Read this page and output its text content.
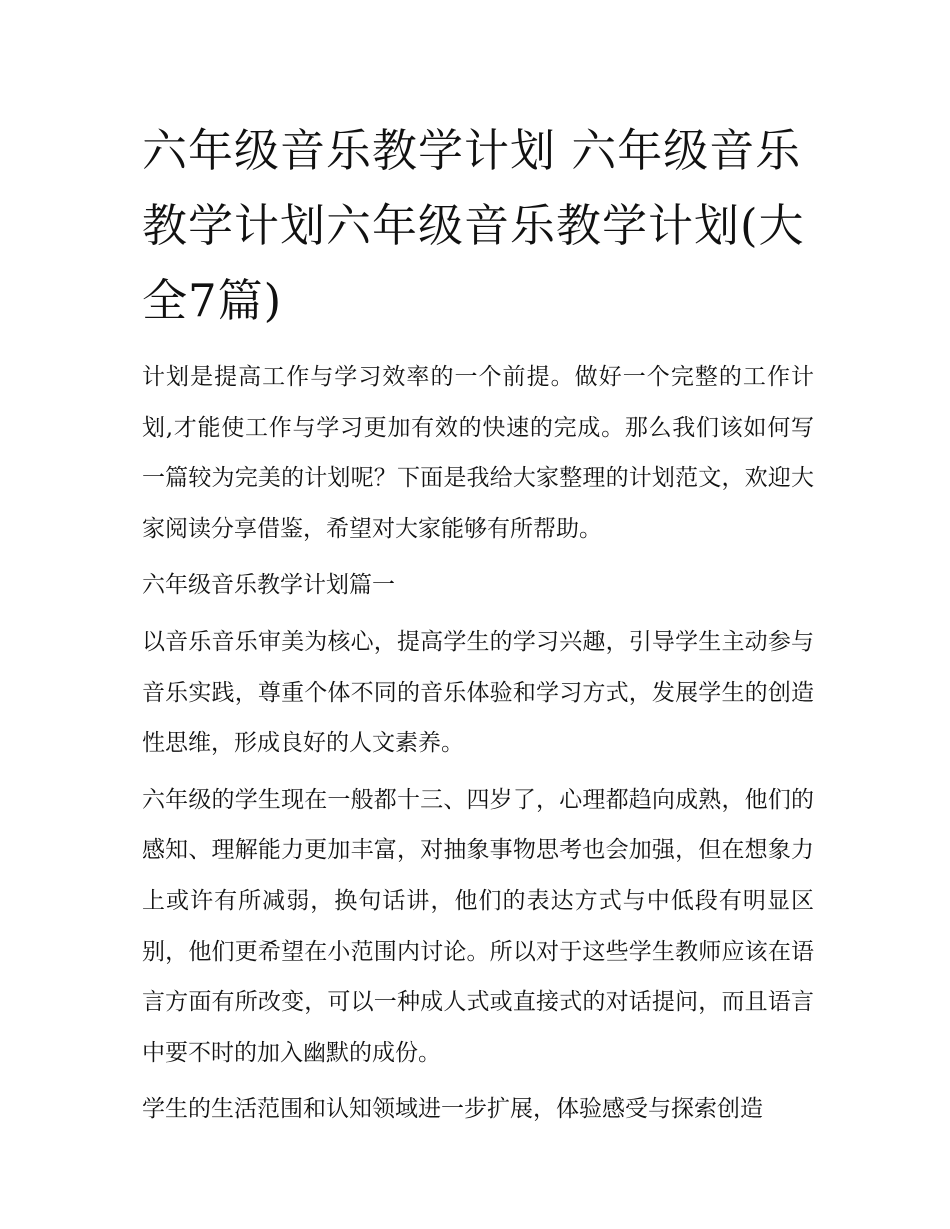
六年级音乐教学计划 六年级音乐教学计划六年级音乐教学计划(大全7篇)

计划是提高工作与学习效率的一个前提。做好一个完整的工作计划,才能使工作与学习更加有效的快速的完成。那么我们该如何写一篇较为完美的计划呢？下面是我给大家整理的计划范文，欢迎大家阅读分享借鉴，希望对大家能够有所帮助。

六年级音乐教学计划篇一

以音乐音乐审美为核心，提高学生的学习兴趣，引导学生主动参与音乐实践，尊重个体不同的音乐体验和学习方式，发展学生的创造性思维，形成良好的人文素养。

六年级的学生现在一般都十三、四岁了，心理都趋向成熟，他们的感知、理解能力更加丰富，对抽象事物思考也会加强，但在想象力上或许有所减弱，换句话讲，他们的表达方式与中低段有明显区别，他们更希望在小范围内讨论。所以对于这些学生教师应该在语言方面有所改变，可以一种成人式或直接式的对话提问，而且语言中要不时的加入幽默的成份。

学生的生活范围和认知领域进一步扩展，体验感受与探索创造
